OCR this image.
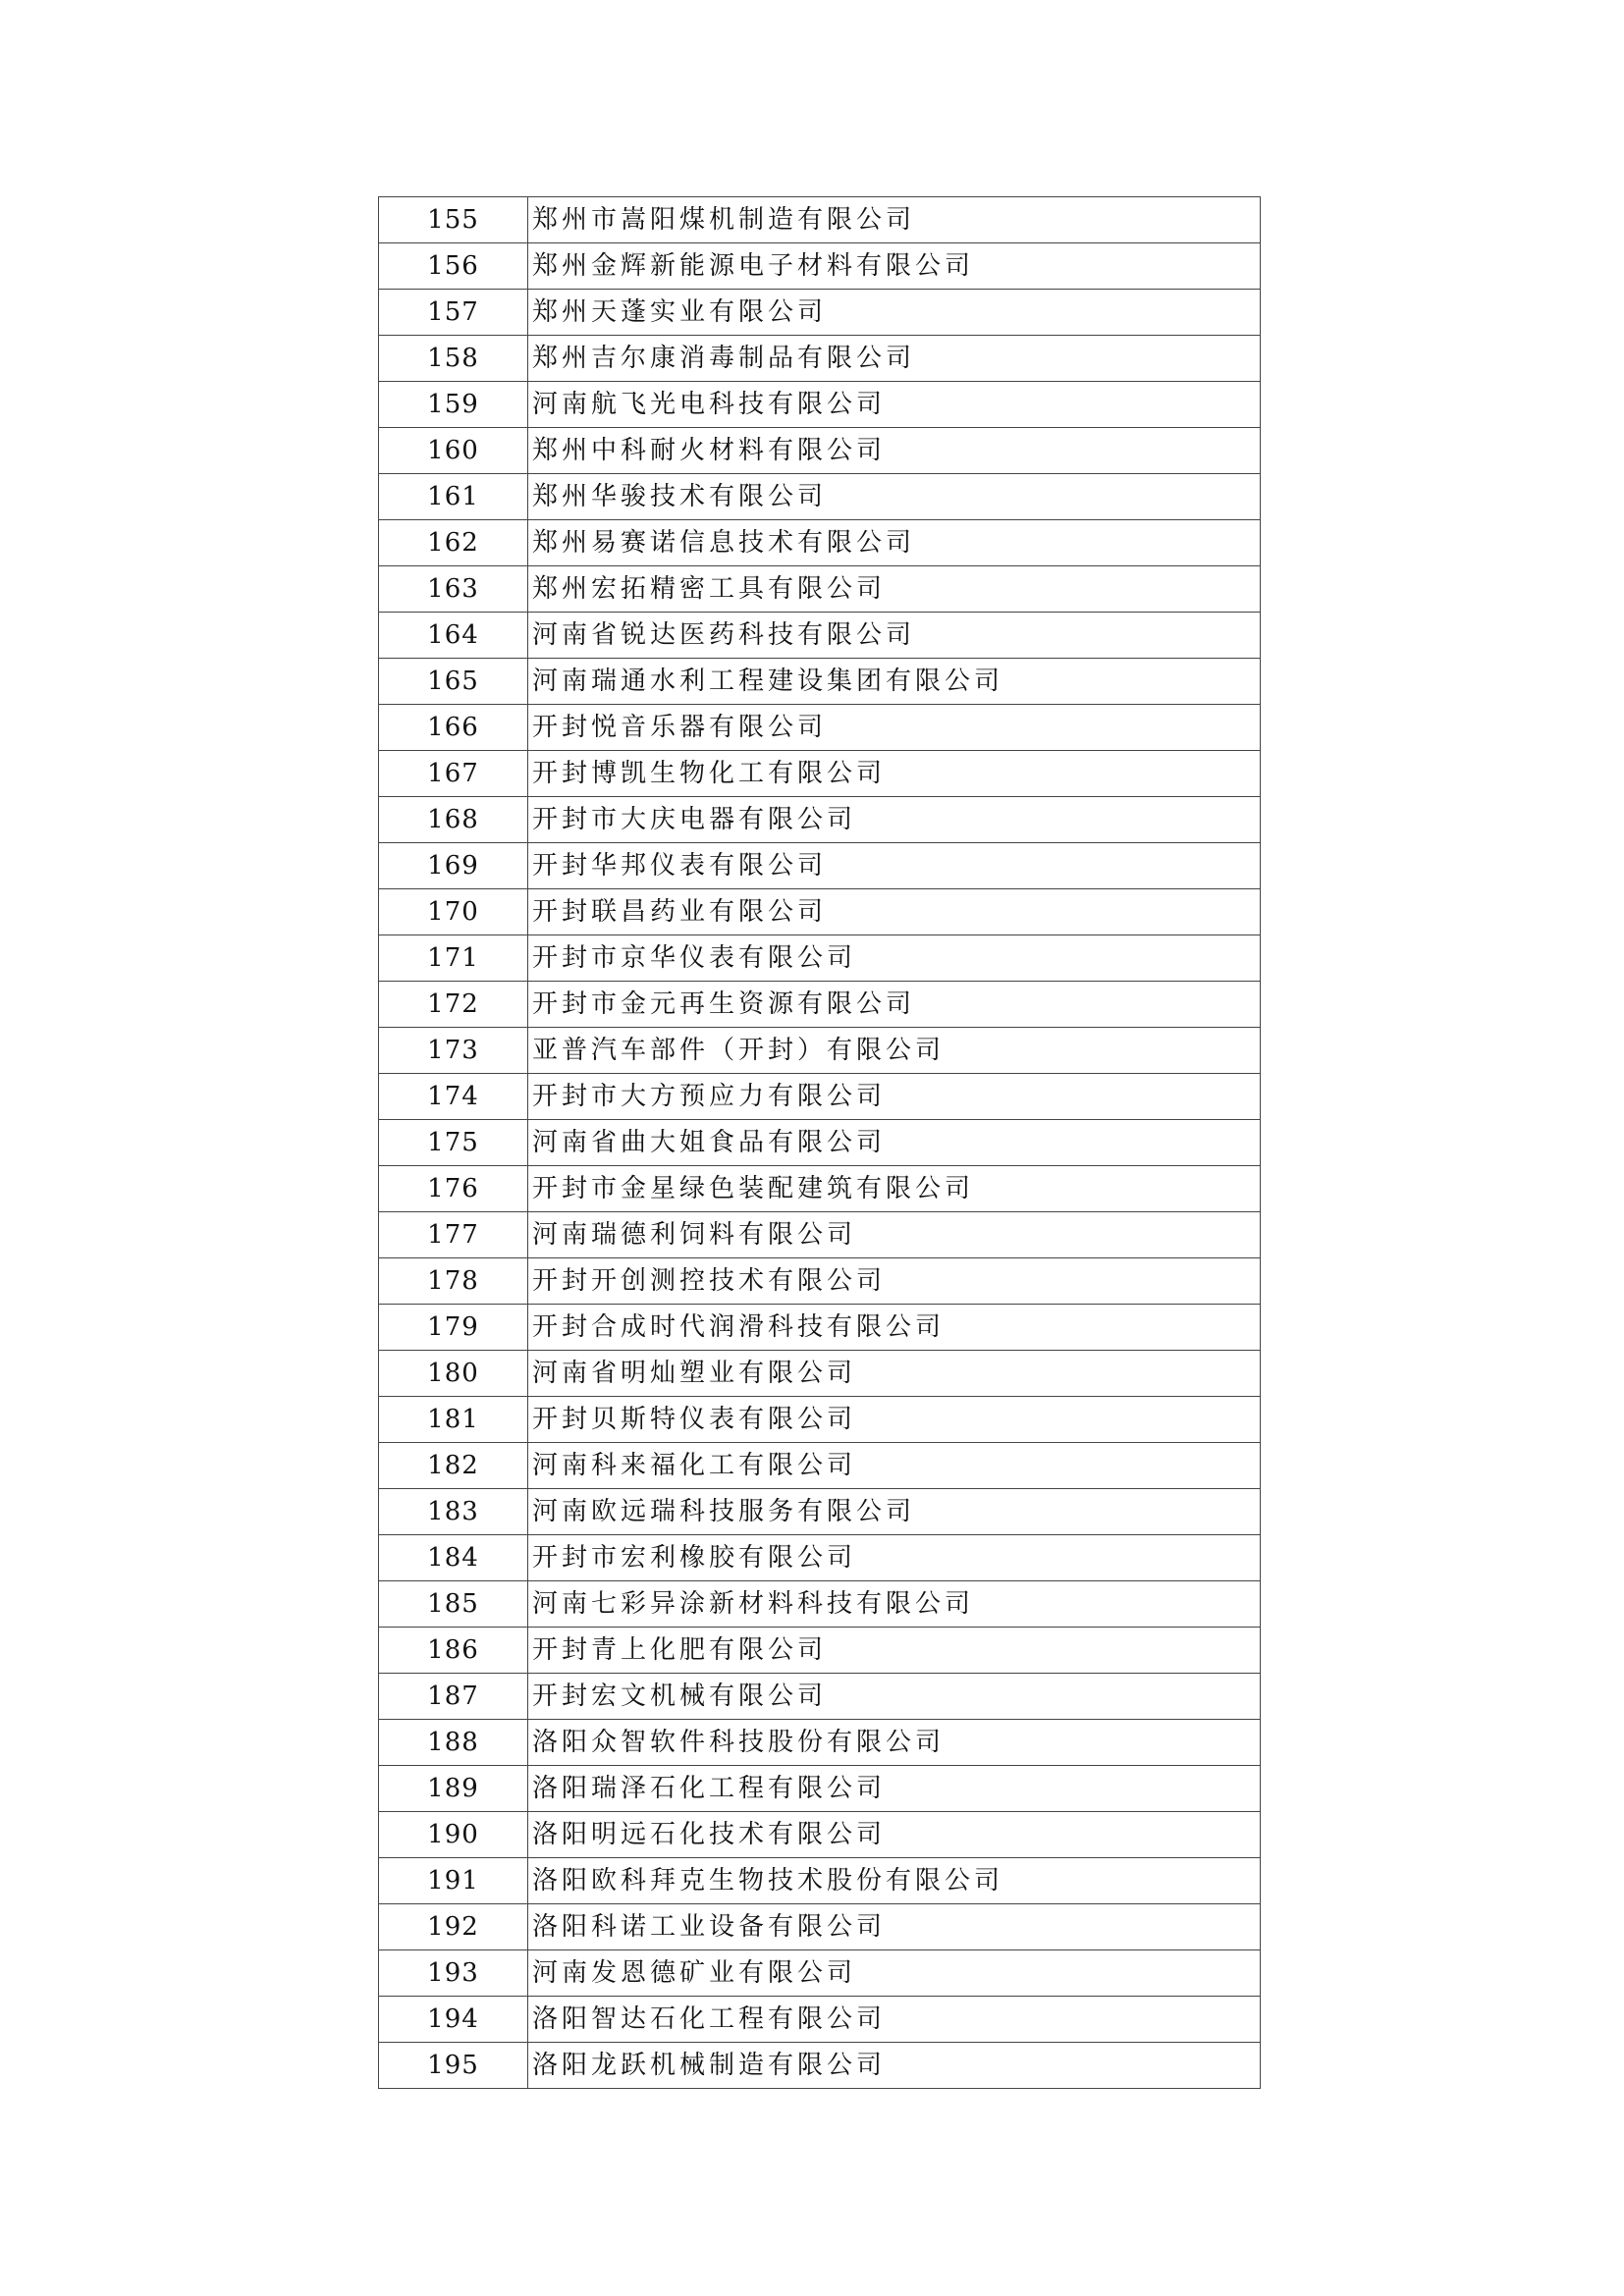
155	郑州市嵩阳煤机制造有限公司
156	郑州金辉新能源电子材料有限公司
157	郑州天蓬实业有限公司
158	郑州吉尔康消毒制品有限公司
159	河南航飞光电科技有限公司
160	郑州中科耐火材料有限公司
161	郑州华骏技术有限公司
162	郑州易赛诺信息技术有限公司
163	郑州宏拓精密工具有限公司
164	河南省锐达医药科技有限公司
165	河南瑞通水利工程建设集团有限公司
166	开封悦音乐器有限公司
167	开封博凯生物化工有限公司
168	开封市大庆电器有限公司
169	开封华邦仪表有限公司
170	开封联昌药业有限公司
171	开封市京华仪表有限公司
172	开封市金元再生资源有限公司
173	亚普汽车部件（开封）有限公司
174	开封市大方预应力有限公司
175	河南省曲大姐食品有限公司
176	开封市金星绿色装配建筑有限公司
177	河南瑞德利饲料有限公司
178	开封开创测控技术有限公司
179	开封合成时代润滑科技有限公司
180	河南省明灿塑业有限公司
181	开封贝斯特仪表有限公司
182	河南科来福化工有限公司
183	河南欧远瑞科技服务有限公司
184	开封市宏利橡胶有限公司
185	河南七彩异涂新材料科技有限公司
186	开封青上化肥有限公司
187	开封宏文机械有限公司
188	洛阳众智软件科技股份有限公司
189	洛阳瑞泽石化工程有限公司
190	洛阳明远石化技术有限公司
191	洛阳欧科拜克生物技术股份有限公司
192	洛阳科诺工业设备有限公司
193	河南发恩德矿业有限公司
194	洛阳智达石化工程有限公司
195	洛阳龙跃机械制造有限公司
